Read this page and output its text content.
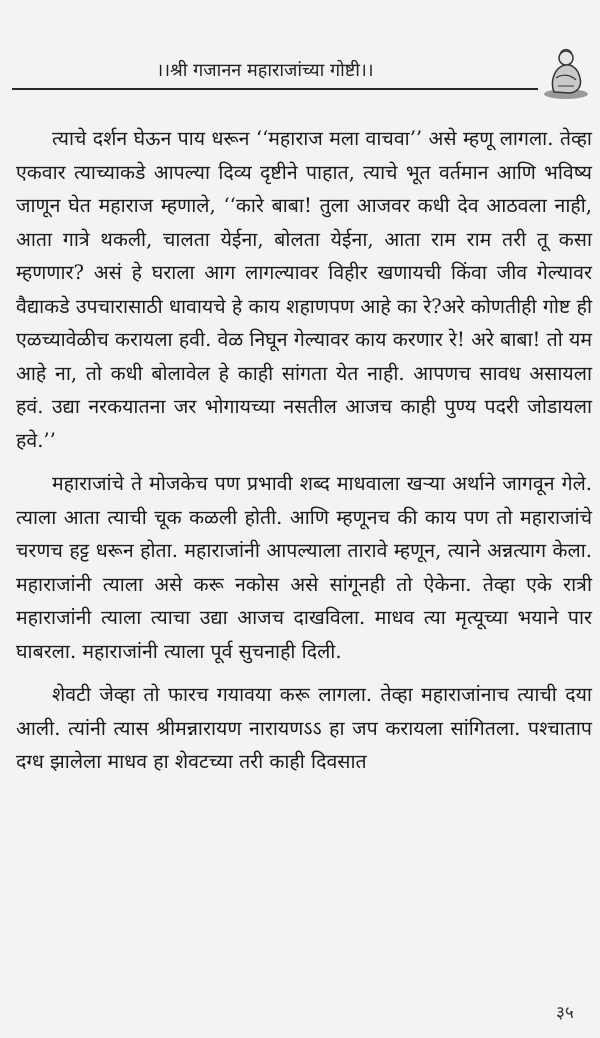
।।श्री गजानन महाराजांच्या गोष्टी।।

त्याचे दर्शन घेऊन पाय धरून ‘‘महाराज मला वाचवा’’ असे म्हणू लागला. तेव्हा एकवार त्याच्याकडे आपल्या दिव्य दृष्टीने पाहात, त्याचे भूत वर्तमान आणि भविष्य जाणून घेत महाराज म्हणाले, ‘‘कारे बाबा! तुला आजवर कधी देव आठवला नाही, आता गात्रे थकली, चालता येईना, बोलता येईना, आता राम राम तरी तू कसा म्हणणार? असं हे घराला आग लागल्यावर विहीर खणायची किंवा जीव गेल्यावर वैद्याकडे उपचारासाठी धावायचे हे काय शहाणपण आहे का रे?अरे कोणतीही गोष्ट ही एळच्यावेळीच करायला हवी. वेळ निघून गेल्यावर काय करणार रे! अरे बाबा! तो यम आहे ना, तो कधी बोलावेल हे काही सांगता येत नाही. आपणच सावध असायला हवं. उद्या नरकयातना जर भोगायच्या नसतील आजच काही पुण्य पदरी जोडायला हवे.’’

महाराजांचे ते मोजकेच पण प्रभावी शब्द माधवाला खऱ्या अर्थाने जागवून गेले. त्याला आता त्याची चूक कळली होती. आणि म्हणूनच की काय पण तो महाराजांचे चरणच हट्ट धरून होता. महाराजांनी आपल्याला तारावे म्हणून, त्याने अन्नत्याग केला. महाराजांनी त्याला असे करू नकोस असे सांगूनही तो ऐकेना. तेव्हा एके रात्री महाराजांनी त्याला त्याचा उद्या आजच दाखविला. माधव त्या मृत्यूच्या भयाने पार घाबरला. महाराजांनी त्याला पूर्व सुचनाही दिली.

शेवटी जेव्हा तो फारच गयावया करू लागला. तेव्हा महाराजांनाच त्याची दया आली. त्यांनी त्यास श्रीमन्नारायण नारायणऽऽ हा जप करायला सांगितला. पश्चाताप दग्ध झालेला माधव हा शेवटच्या तरी काही दिवसात

३५
